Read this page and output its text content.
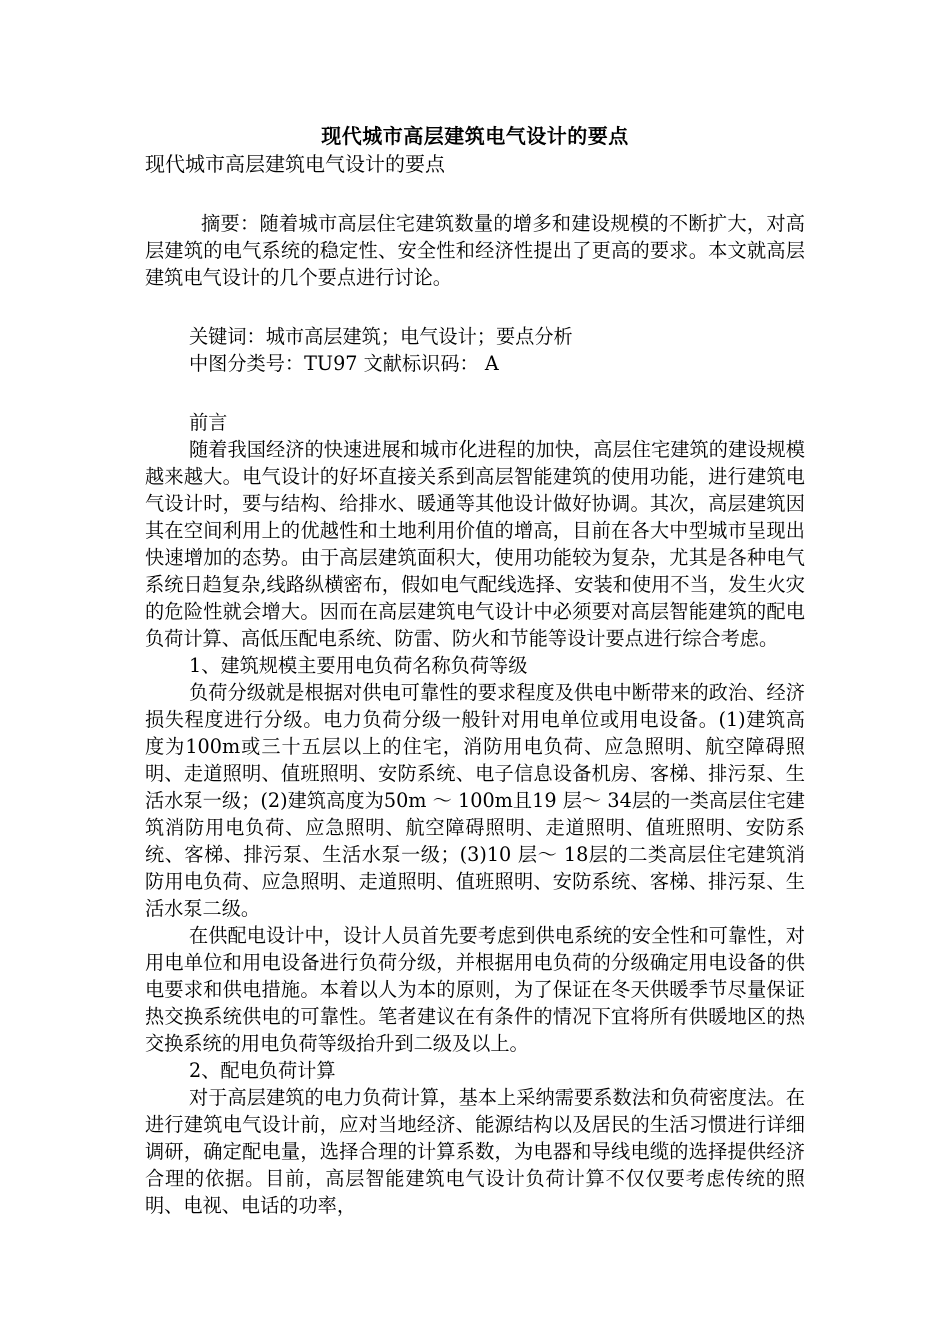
现代城市高层建筑电气设计的要点

现代城市高层建筑电气设计的要点

摘要：随着城市高层住宅建筑数量的增多和建设规模的不断扩大，对高层建筑的电气系统的稳定性、安全性和经济性提出了更高的要求。本文就高层建筑电气设计的几个要点进行讨论。

关键词：城市高层建筑；电气设计；要点分析

中图分类号：TU97 文献标识码： A

前言

随着我国经济的快速进展和城市化进程的加快，高层住宅建筑的建设规模越来越大。电气设计的好坏直接关系到高层智能建筑的使用功能，进行建筑电气设计时，要与结构、给排水、暖通等其他设计做好协调。其次，高层建筑因其在空间利用上的优越性和土地利用价值的增高，目前在各大中型城市呈现出快速增加的态势。由于高层建筑面积大，使用功能较为复杂，尤其是各种电气系统日趋复杂,线路纵横密布，假如电气配线选择、安装和使用不当，发生火灾的危险性就会增大。因而在高层建筑电气设计中必须要对高层智能建筑的配电负荷计算、高低压配电系统、防雷、防火和节能等设计要点进行综合考虑。

1、建筑规模主要用电负荷名称负荷等级

负荷分级就是根据对供电可靠性的要求程度及供电中断带来的政治、经济损失程度进行分级。电力负荷分级一般针对用电单位或用电设备。(1)建筑高度为100m或三十五层以上的住宅，消防用电负荷、应急照明、航空障碍照明、走道照明、值班照明、安防系统、电子信息设备机房、客梯、排污泵、生活水泵一级；(2)建筑高度为50m ～ 100m且19 层～ 34层的一类高层住宅建筑消防用电负荷、应急照明、航空障碍照明、走道照明、值班照明、安防系统、客梯、排污泵、生活水泵一级；(3)10 层～ 18层的二类高层住宅建筑消防用电负荷、应急照明、走道照明、值班照明、安防系统、客梯、排污泵、生活水泵二级。

在供配电设计中，设计人员首先要考虑到供电系统的安全性和可靠性，对用电单位和用电设备进行负荷分级，并根据用电负荷的分级确定用电设备的供电要求和供电措施。本着以人为本的原则，为了保证在冬天供暖季节尽量保证热交换系统供电的可靠性。笔者建议在有条件的情况下宜将所有供暖地区的热交换系统的用电负荷等级抬升到二级及以上。

2、配电负荷计算

对于高层建筑的电力负荷计算，基本上采纳需要系数法和负荷密度法。在进行建筑电气设计前，应对当地经济、能源结构以及居民的生活习惯进行详细调研，确定配电量，选择合理的计算系数，为电器和导线电缆的选择提供经济合理的依据。目前，高层智能建筑电气设计负荷计算不仅仅要考虑传统的照明、电视、电话的功率，
